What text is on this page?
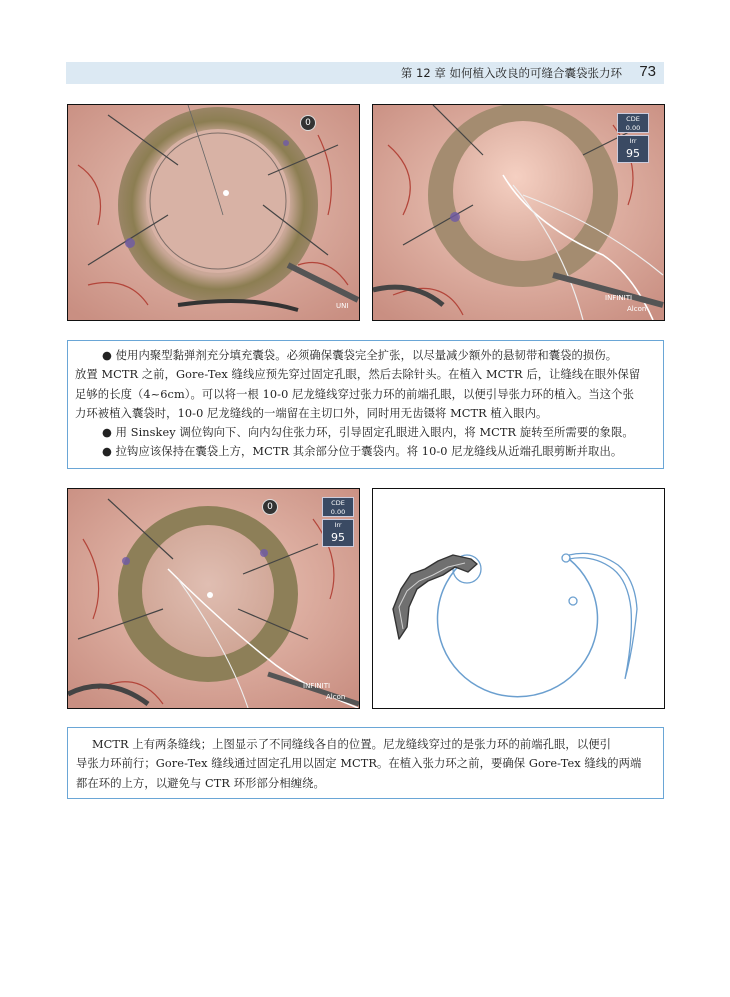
第 12 章 如何植入改良的可缝合囊袋张力环 73
0
UNI
CDE
0.00
Irr
95
INFINITI
Alcon

● 使用内聚型黏弹剂充分填充囊袋。必须确保囊袋完全扩张，以尽量减少额外的悬韧带和囊袋的损伤。

放置 MCTR 之前，Gore-Tex 缝线应预先穿过固定孔眼，然后去除针头。在植入 MCTR 后，让缝线在眼外保留

足够的长度（4~6cm）。可以将一根 10-0 尼龙缝线穿过张力环的前端孔眼，以便引导张力环的植入。当这个张

力环被植入囊袋时，10-0 尼龙缝线的一端留在主切口外，同时用无齿镊将 MCTR 植入眼内。

● 用 Sinskey 调位钩向下、向内勾住张力环，引导固定孔眼进入眼内，将 MCTR 旋转至所需要的象限。

● 拉钩应该保持在囊袋上方，MCTR 其余部分位于囊袋内。将 10-0 尼龙缝线从近端孔眼剪断并取出。

0	CDE
0.00
Irr
95
INFINITI
Alcon

MCTR 上有两条缝线；上图显示了不同缝线各自的位置。尼龙缝线穿过的是张力环的前端孔眼，以便引

导张力环前行；Gore-Tex 缝线通过固定孔用以固定 MCTR。在植入张力环之前，要确保 Gore-Tex 缝线的两端

都在环的上方，以避免与 CTR 环形部分相缠绕。
